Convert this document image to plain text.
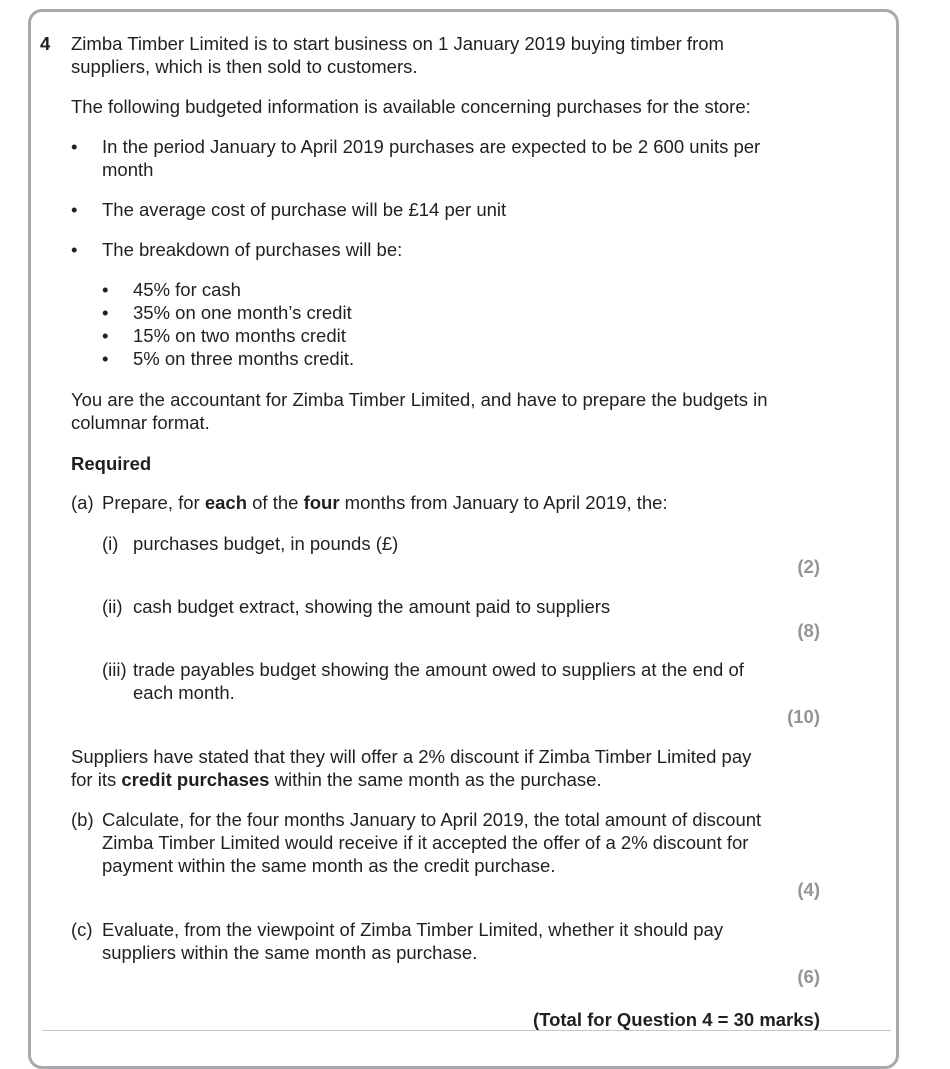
4 Zimba Timber Limited is to start business on 1 January 2019 buying timber from
suppliers, which is then sold to customers.
The following budgeted information is available concerning purchases for the store:
• In the period January to April 2019 purchases are expected to be 2 600 units per
month
• The average cost of purchase will be £14 per unit
• The breakdown of purchases will be:
• 45% for cash
• 35% on one month’s credit
• 15% on two months credit
• 5% on three months credit.
You are the accountant for Zimba Timber Limited, and have to prepare the budgets in
columnar format.
Required
(a) Prepare, for each of the four months from January to April 2019, the:
(i) purchases budget, in pounds (£)
(2)
(ii) cash budget extract, showing the amount paid to suppliers
(8)
(iii) trade payables budget showing the amount owed to suppliers at the end of
each month.
(10)
Suppliers have stated that they will offer a 2% discount if Zimba Timber Limited pay
for its credit purchases within the same month as the purchase.
(b) Calculate, for the four months January to April 2019, the total amount of discount
Zimba Timber Limited would receive if it accepted the offer of a 2% discount for
payment within the same month as the credit purchase.
(4)
(c) Evaluate, from the viewpoint of Zimba Timber Limited, whether it should pay
suppliers within the same month as purchase.
(6)
(Total for Question 4 = 30 marks)
